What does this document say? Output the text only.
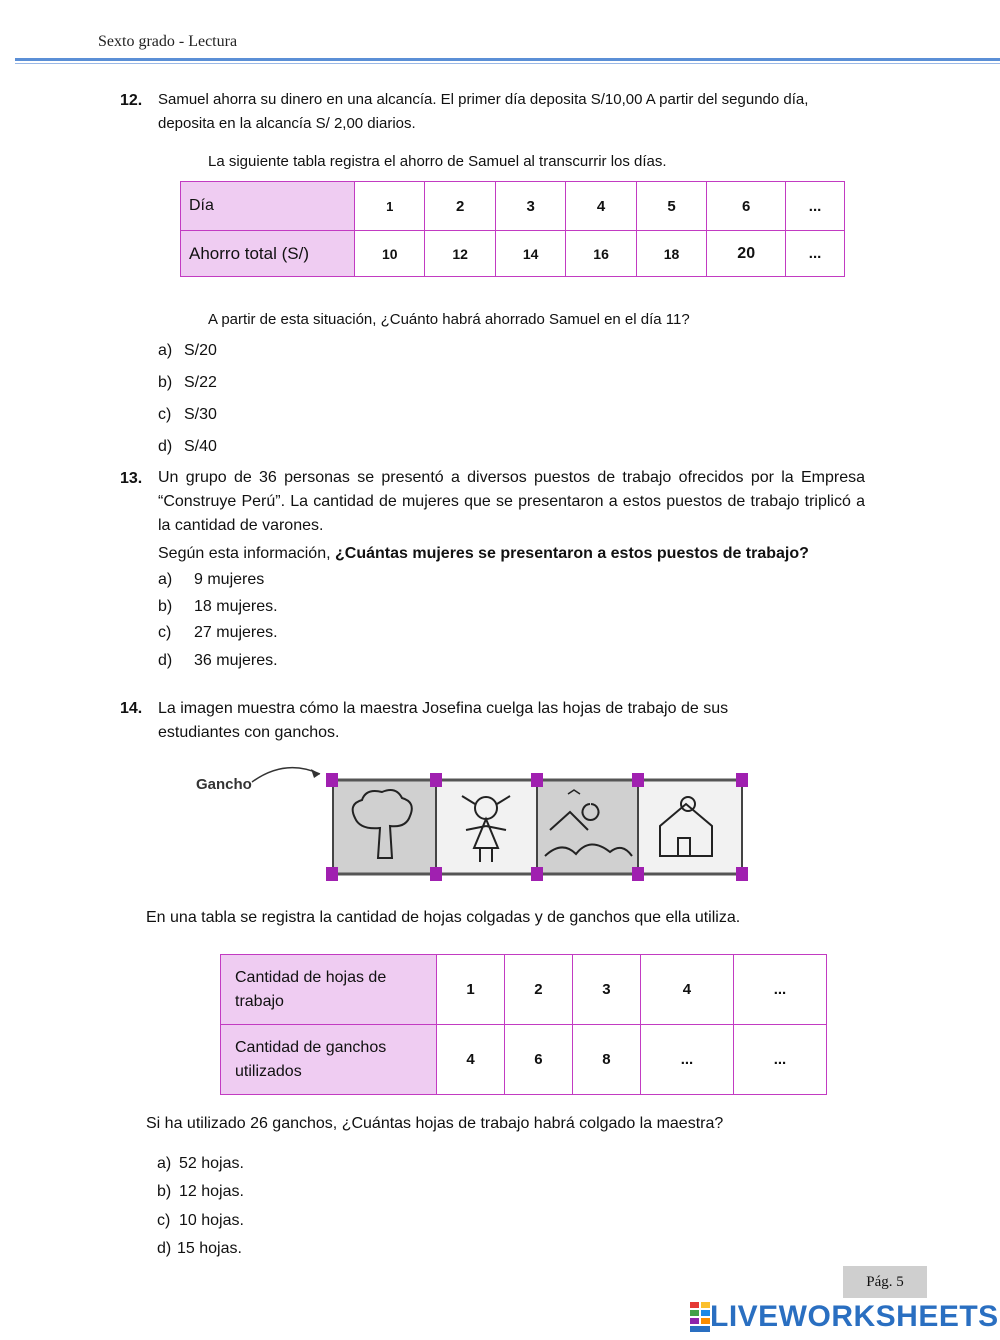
Sexto grado - Lectura
12. Samuel ahorra su dinero en una alcancía. El primer día deposita S/10,00 A partir del segundo día,
deposita en la alcancía S/ 2,00 diarios.
La siguiente tabla registra el ahorro de Samuel al transcurrir los días.
Día	1	2	3	4	5	6	...
Ahorro total (S/)	10	12	14	16	18	20	...
A partir de esta situación, ¿Cuánto habrá ahorrado Samuel en el día 11?
a) S/20
b) S/22
c) S/30
d) S/40
13. Un grupo de 36 personas se presentó a diversos puestos de trabajo ofrecidos por la Empresa “Construye Perú”. La cantidad de mujeres que se presentaron a estos puestos de trabajo triplicó a la cantidad de varones.
Según esta información, ¿Cuántas mujeres se presentaron a estos puestos de trabajo?
a) 9 mujeres
b) 18 mujeres.
c) 27 mujeres.
d) 36 mujeres.
14. La imagen muestra cómo la maestra Josefina cuelga las hojas de trabajo de sus estudiantes con ganchos.
Gancho
En una tabla se registra la cantidad de hojas colgadas y de ganchos que ella utiliza.
Cantidad de hojas de trabajo	1	2	3	4	...
Cantidad de ganchos utilizados	4	6	8	...	...
Si ha utilizado 26 ganchos, ¿Cuántas hojas de trabajo habrá colgado la maestra?
a) 52 hojas.
b) 12 hojas.
c) 10 hojas.
d) 15 hojas.
Pág. 5
LIVEWORKSHEETS
